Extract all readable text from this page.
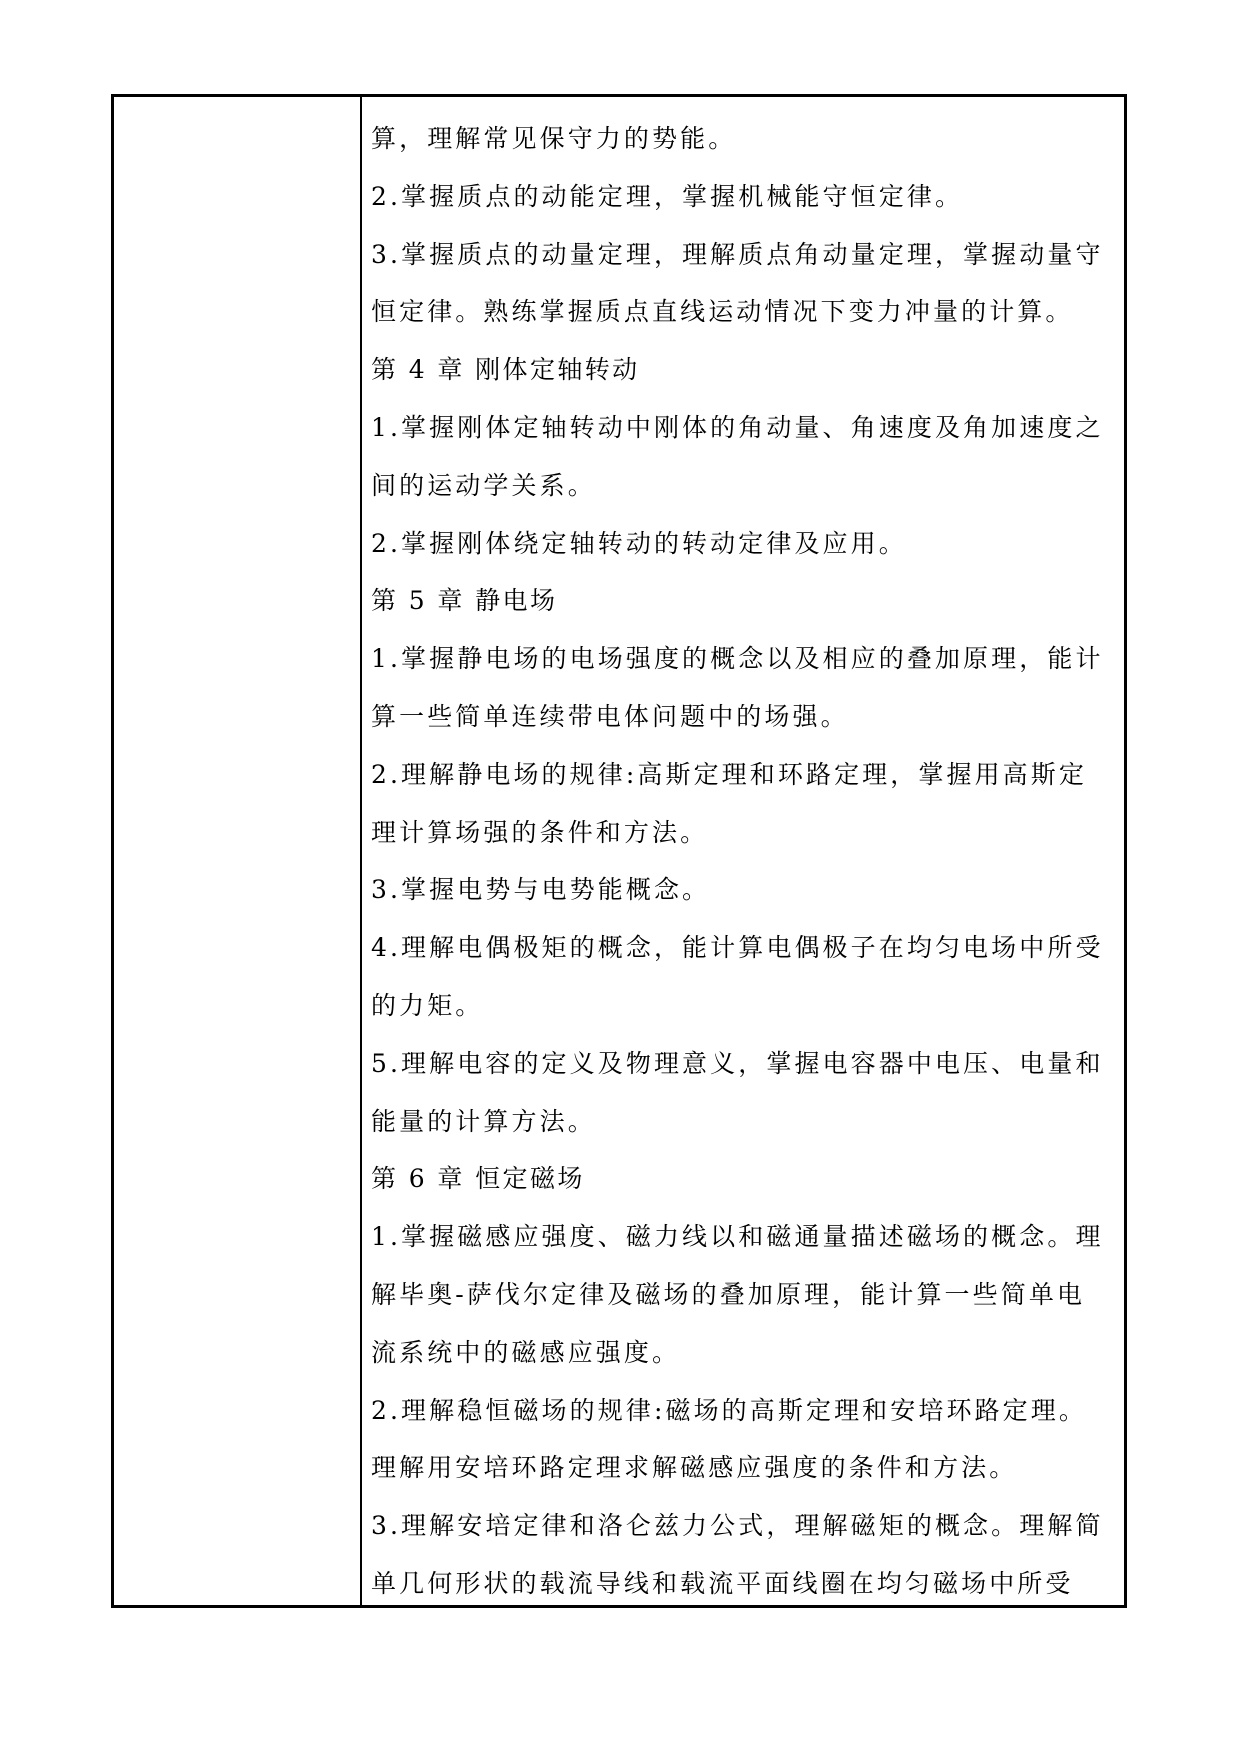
算，理解常见保守力的势能。
2.掌握质点的动能定理，掌握机械能守恒定律。
3.掌握质点的动量定理，理解质点角动量定理，掌握动量守
恒定律。熟练掌握质点直线运动情况下变力冲量的计算。
第 4 章 刚体定轴转动
1.掌握刚体定轴转动中刚体的角动量、角速度及角加速度之
间的运动学关系。
2.掌握刚体绕定轴转动的转动定律及应用。
第 5 章 静电场
1.掌握静电场的电场强度的概念以及相应的叠加原理，能计
算一些简单连续带电体问题中的场强。
2.理解静电场的规律:高斯定理和环路定理，掌握用高斯定
理计算场强的条件和方法。
3.掌握电势与电势能概念。
4.理解电偶极矩的概念，能计算电偶极子在均匀电场中所受
的力矩。
5.理解电容的定义及物理意义，掌握电容器中电压、电量和
能量的计算方法。
第 6 章 恒定磁场
1.掌握磁感应强度、磁力线以和磁通量描述磁场的概念。理
解毕奥-萨伐尔定律及磁场的叠加原理，能计算一些简单电
流系统中的磁感应强度。
2.理解稳恒磁场的规律:磁场的高斯定理和安培环路定理。
理解用安培环路定理求解磁感应强度的条件和方法。
3.理解安培定律和洛仑兹力公式，理解磁矩的概念。理解简
单几何形状的载流导线和载流平面线圈在均匀磁场中所受
